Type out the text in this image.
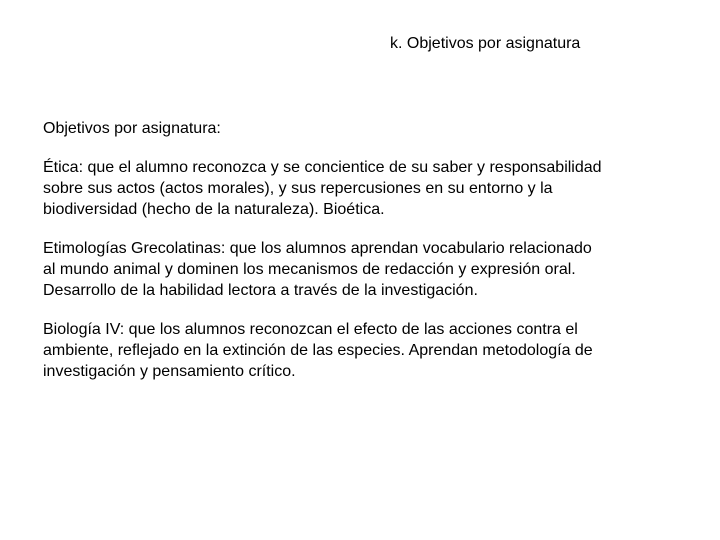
k. Objetivos por asignatura
Objetivos por asignatura:
Ética: que el alumno reconozca y se concientice de su saber y responsabilidad
sobre sus actos (actos morales), y sus repercusiones en su entorno y la
biodiversidad (hecho de la naturaleza). Bioética.
Etimologías Grecolatinas: que los alumnos aprendan vocabulario relacionado
al mundo animal y dominen los mecanismos de redacción y expresión oral.
Desarrollo de la habilidad lectora a través de la investigación.
Biología IV: que los alumnos reconozcan el efecto de las acciones contra el
ambiente, reflejado en la extinción de las especies. Aprendan metodología de
investigación y pensamiento crítico.
